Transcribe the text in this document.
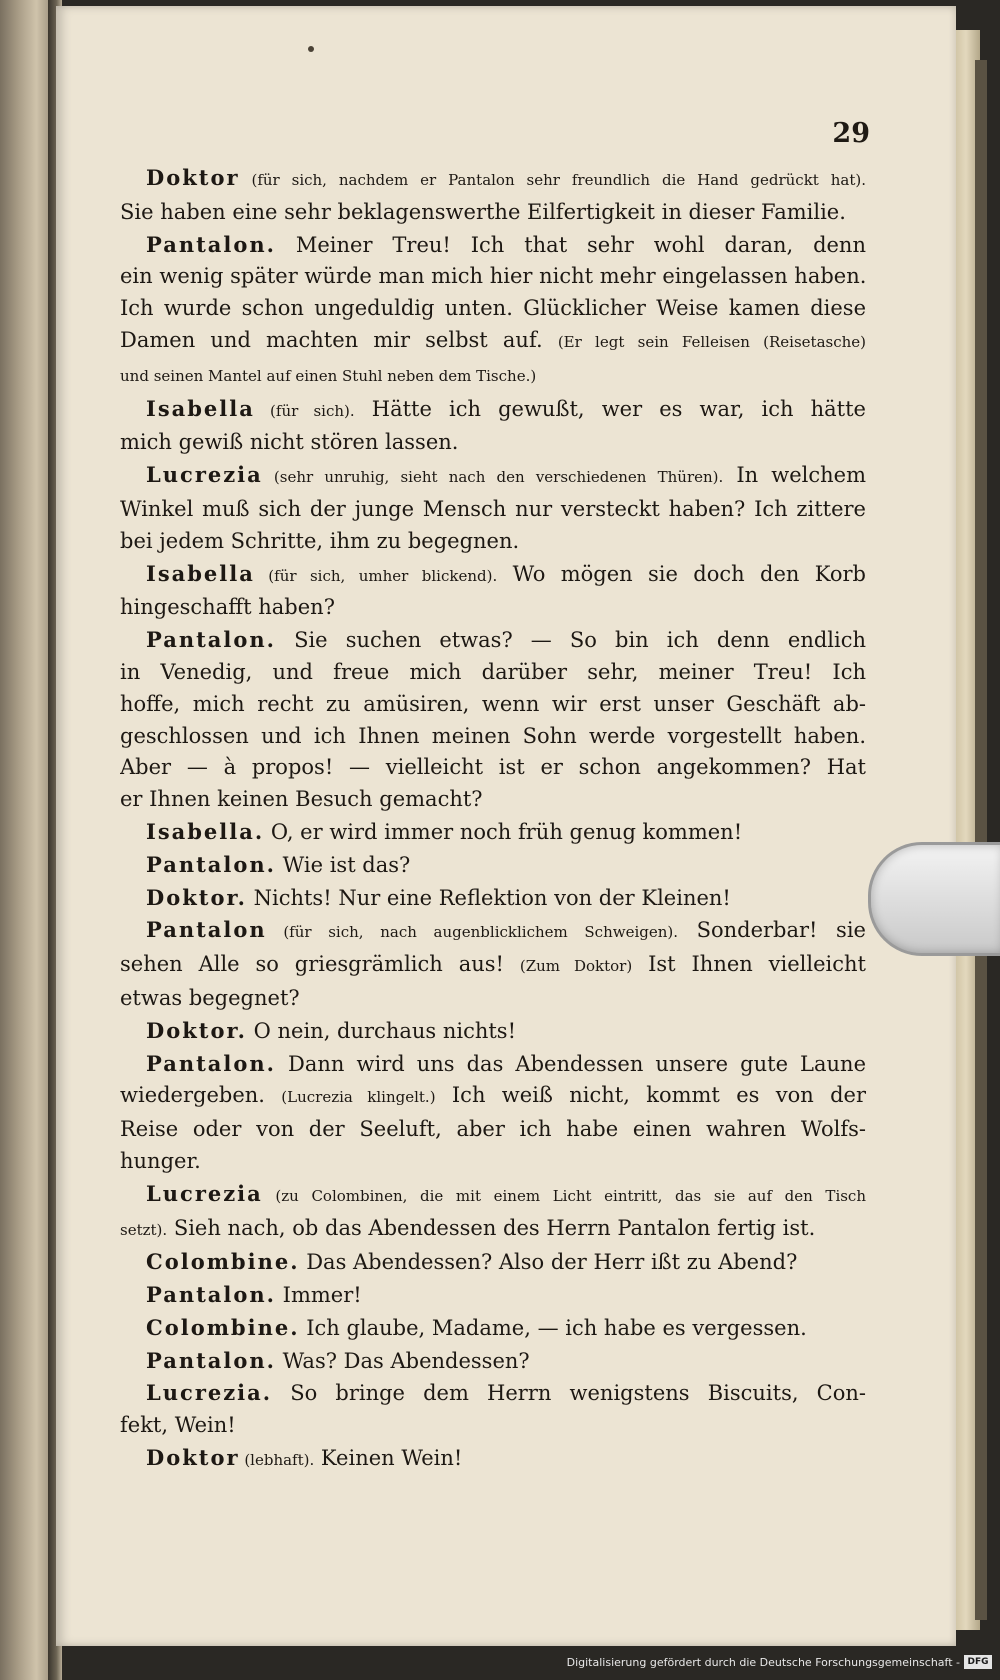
29
Doktor (für sich, nachdem er Pantalon sehr freundlich die Hand gedrückt hat).
Sie haben eine sehr beklagenswerthe Eilfertigkeit in dieser Familie.
Pantalon. Meiner Treu! Ich that sehr wohl daran, denn
ein wenig später würde man mich hier nicht mehr eingelassen haben.
Ich wurde schon ungeduldig unten. Glücklicher Weise kamen diese
Damen und machten mir selbst auf. (Er legt sein Felleisen (Reisetasche)
und seinen Mantel auf einen Stuhl neben dem Tische.)
Isabella (für sich). Hätte ich gewußt, wer es war, ich hätte
mich gewiß nicht stören lassen.
Lucrezia (sehr unruhig, sieht nach den verschiedenen Thüren). In welchem
Winkel muß sich der junge Mensch nur versteckt haben? Ich zittere
bei jedem Schritte, ihm zu begegnen.
Isabella (für sich, umher blickend). Wo mögen sie doch den Korb
hingeschafft haben?
Pantalon. Sie suchen etwas? — So bin ich denn endlich
in Venedig, und freue mich darüber sehr, meiner Treu! Ich
hoffe, mich recht zu amüsiren, wenn wir erst unser Geschäft ab-
geschlossen und ich Ihnen meinen Sohn werde vorgestellt haben.
Aber — à propos! — vielleicht ist er schon angekommen? Hat
er Ihnen keinen Besuch gemacht?
Isabella. O, er wird immer noch früh genug kommen!
Pantalon. Wie ist das?
Doktor. Nichts! Nur eine Reflektion von der Kleinen!
Pantalon (für sich, nach augenblicklichem Schweigen). Sonderbar! sie
sehen Alle so griesgrämlich aus! (Zum Doktor) Ist Ihnen vielleicht
etwas begegnet?
Doktor. O nein, durchaus nichts!
Pantalon. Dann wird uns das Abendessen unsere gute Laune
wiedergeben. (Lucrezia klingelt.) Ich weiß nicht, kommt es von der
Reise oder von der Seeluft, aber ich habe einen wahren Wolfs-
hunger.
Lucrezia (zu Colombinen, die mit einem Licht eintritt, das sie auf den Tisch
setzt). Sieh nach, ob das Abendessen des Herrn Pantalon fertig ist.
Colombine. Das Abendessen? Also der Herr ißt zu Abend?
Pantalon. Immer!
Colombine. Ich glaube, Madame, — ich habe es vergessen.
Pantalon. Was? Das Abendessen?
Lucrezia. So bringe dem Herrn wenigstens Biscuits, Con-
fekt, Wein!
Doktor (lebhaft). Keinen Wein!
Digitalisierung gefördert durch die Deutsche Forschungsgemeinschaft - DFG
